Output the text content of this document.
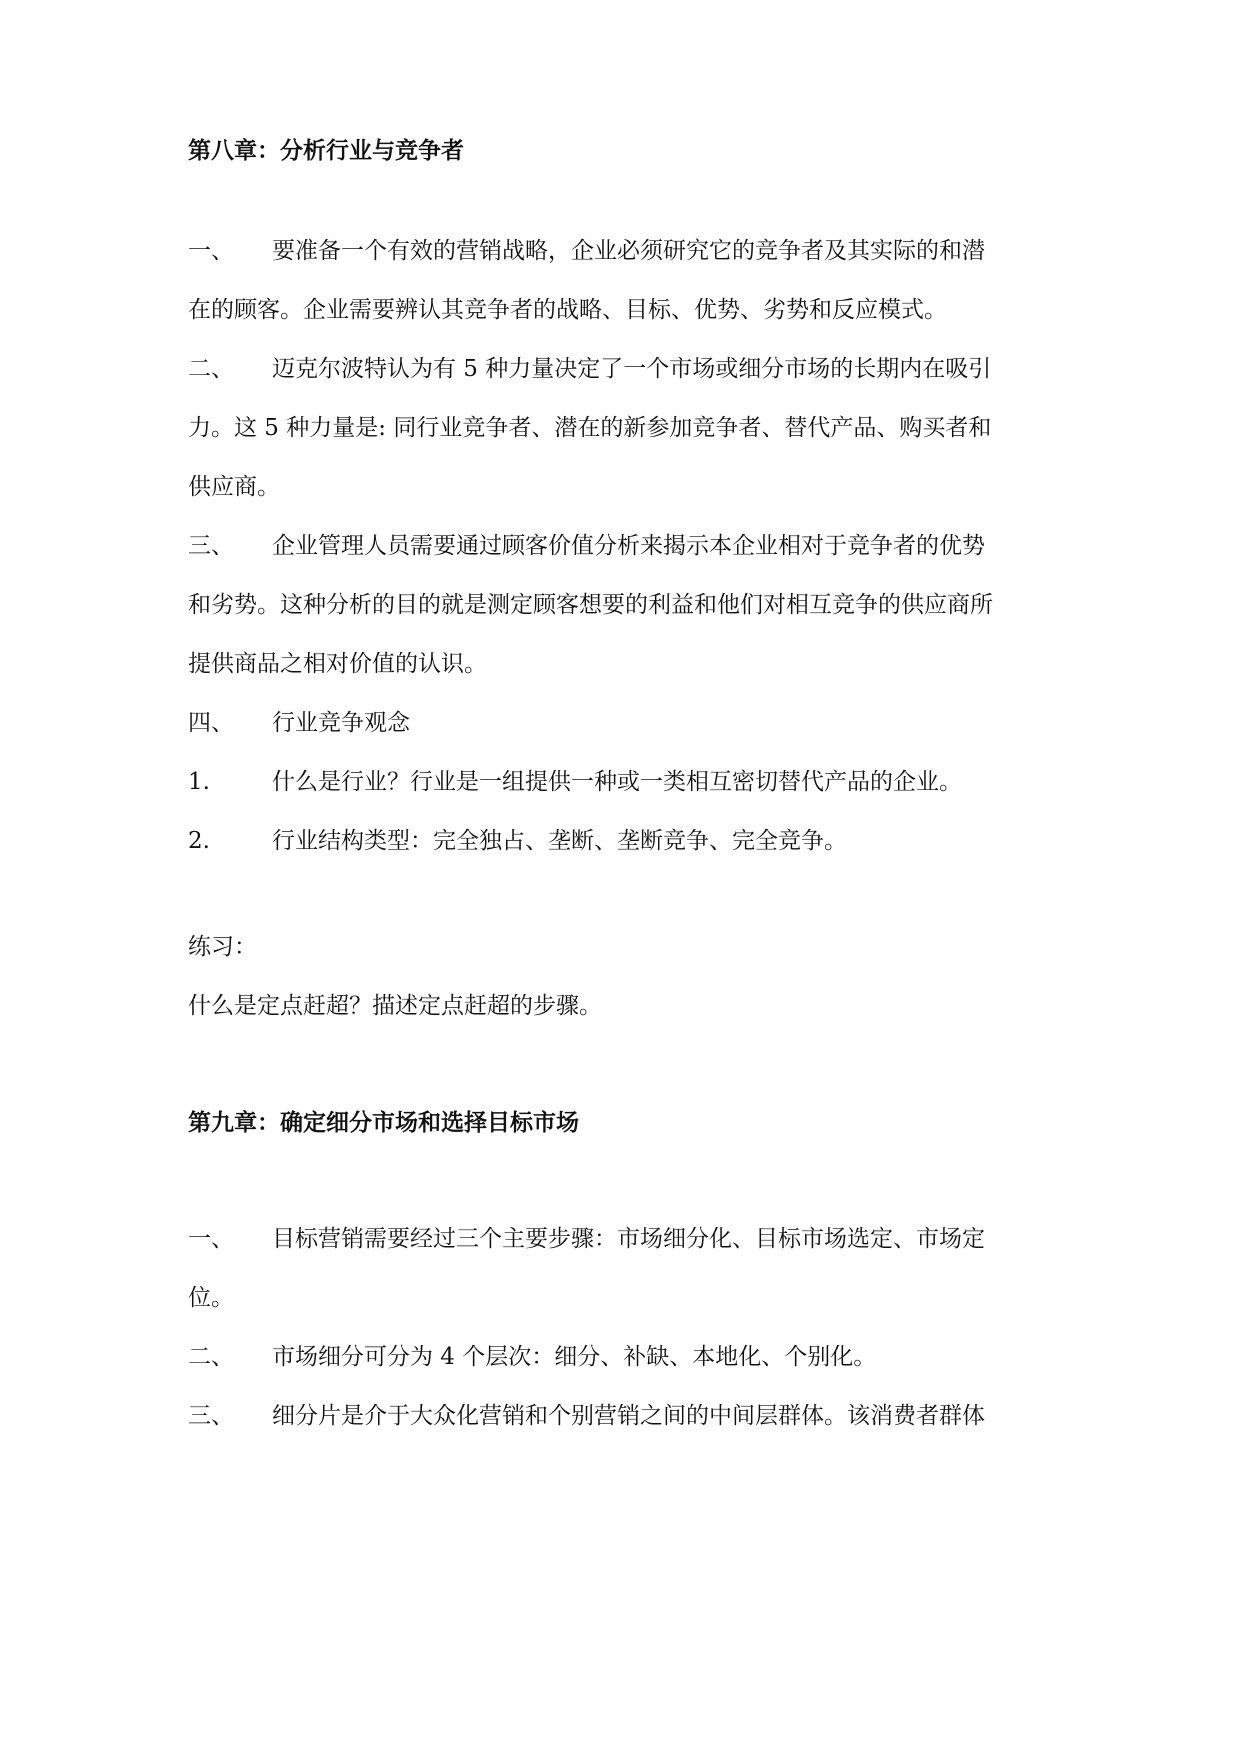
第八章：分析行业与竞争者
一、 要准备一个有效的营销战略，企业必须研究它的竞争者及其实际的和潜
在的顾客。企业需要辨认其竞争者的战略、目标、优势、劣势和反应模式。
二、 迈克尔波特认为有 5 种力量决定了一个市场或细分市场的长期内在吸引
力。这 5 种力量是: 同行业竞争者、潜在的新参加竞争者、替代产品、购买者和
供应商。
三、 企业管理人员需要通过顾客价值分析来揭示本企业相对于竞争者的优势
和劣势。这种分析的目的就是测定顾客想要的利益和他们对相互竞争的供应商所
提供商品之相对价值的认识。
四、 行业竞争观念
1.	什么是行业？行业是一组提供一种或一类相互密切替代产品的企业。
2.	行业结构类型：完全独占、垄断、垄断竞争、完全竞争。
练习：
什么是定点赶超？描述定点赶超的步骤。
第九章：确定细分市场和选择目标市场
一、 目标营销需要经过三个主要步骤：市场细分化、目标市场选定、市场定
位。
二、 市场细分可分为 4 个层次：细分、补缺、本地化、个别化。
三、 细分片是介于大众化营销和个别营销之间的中间层群体。该消费者群体
